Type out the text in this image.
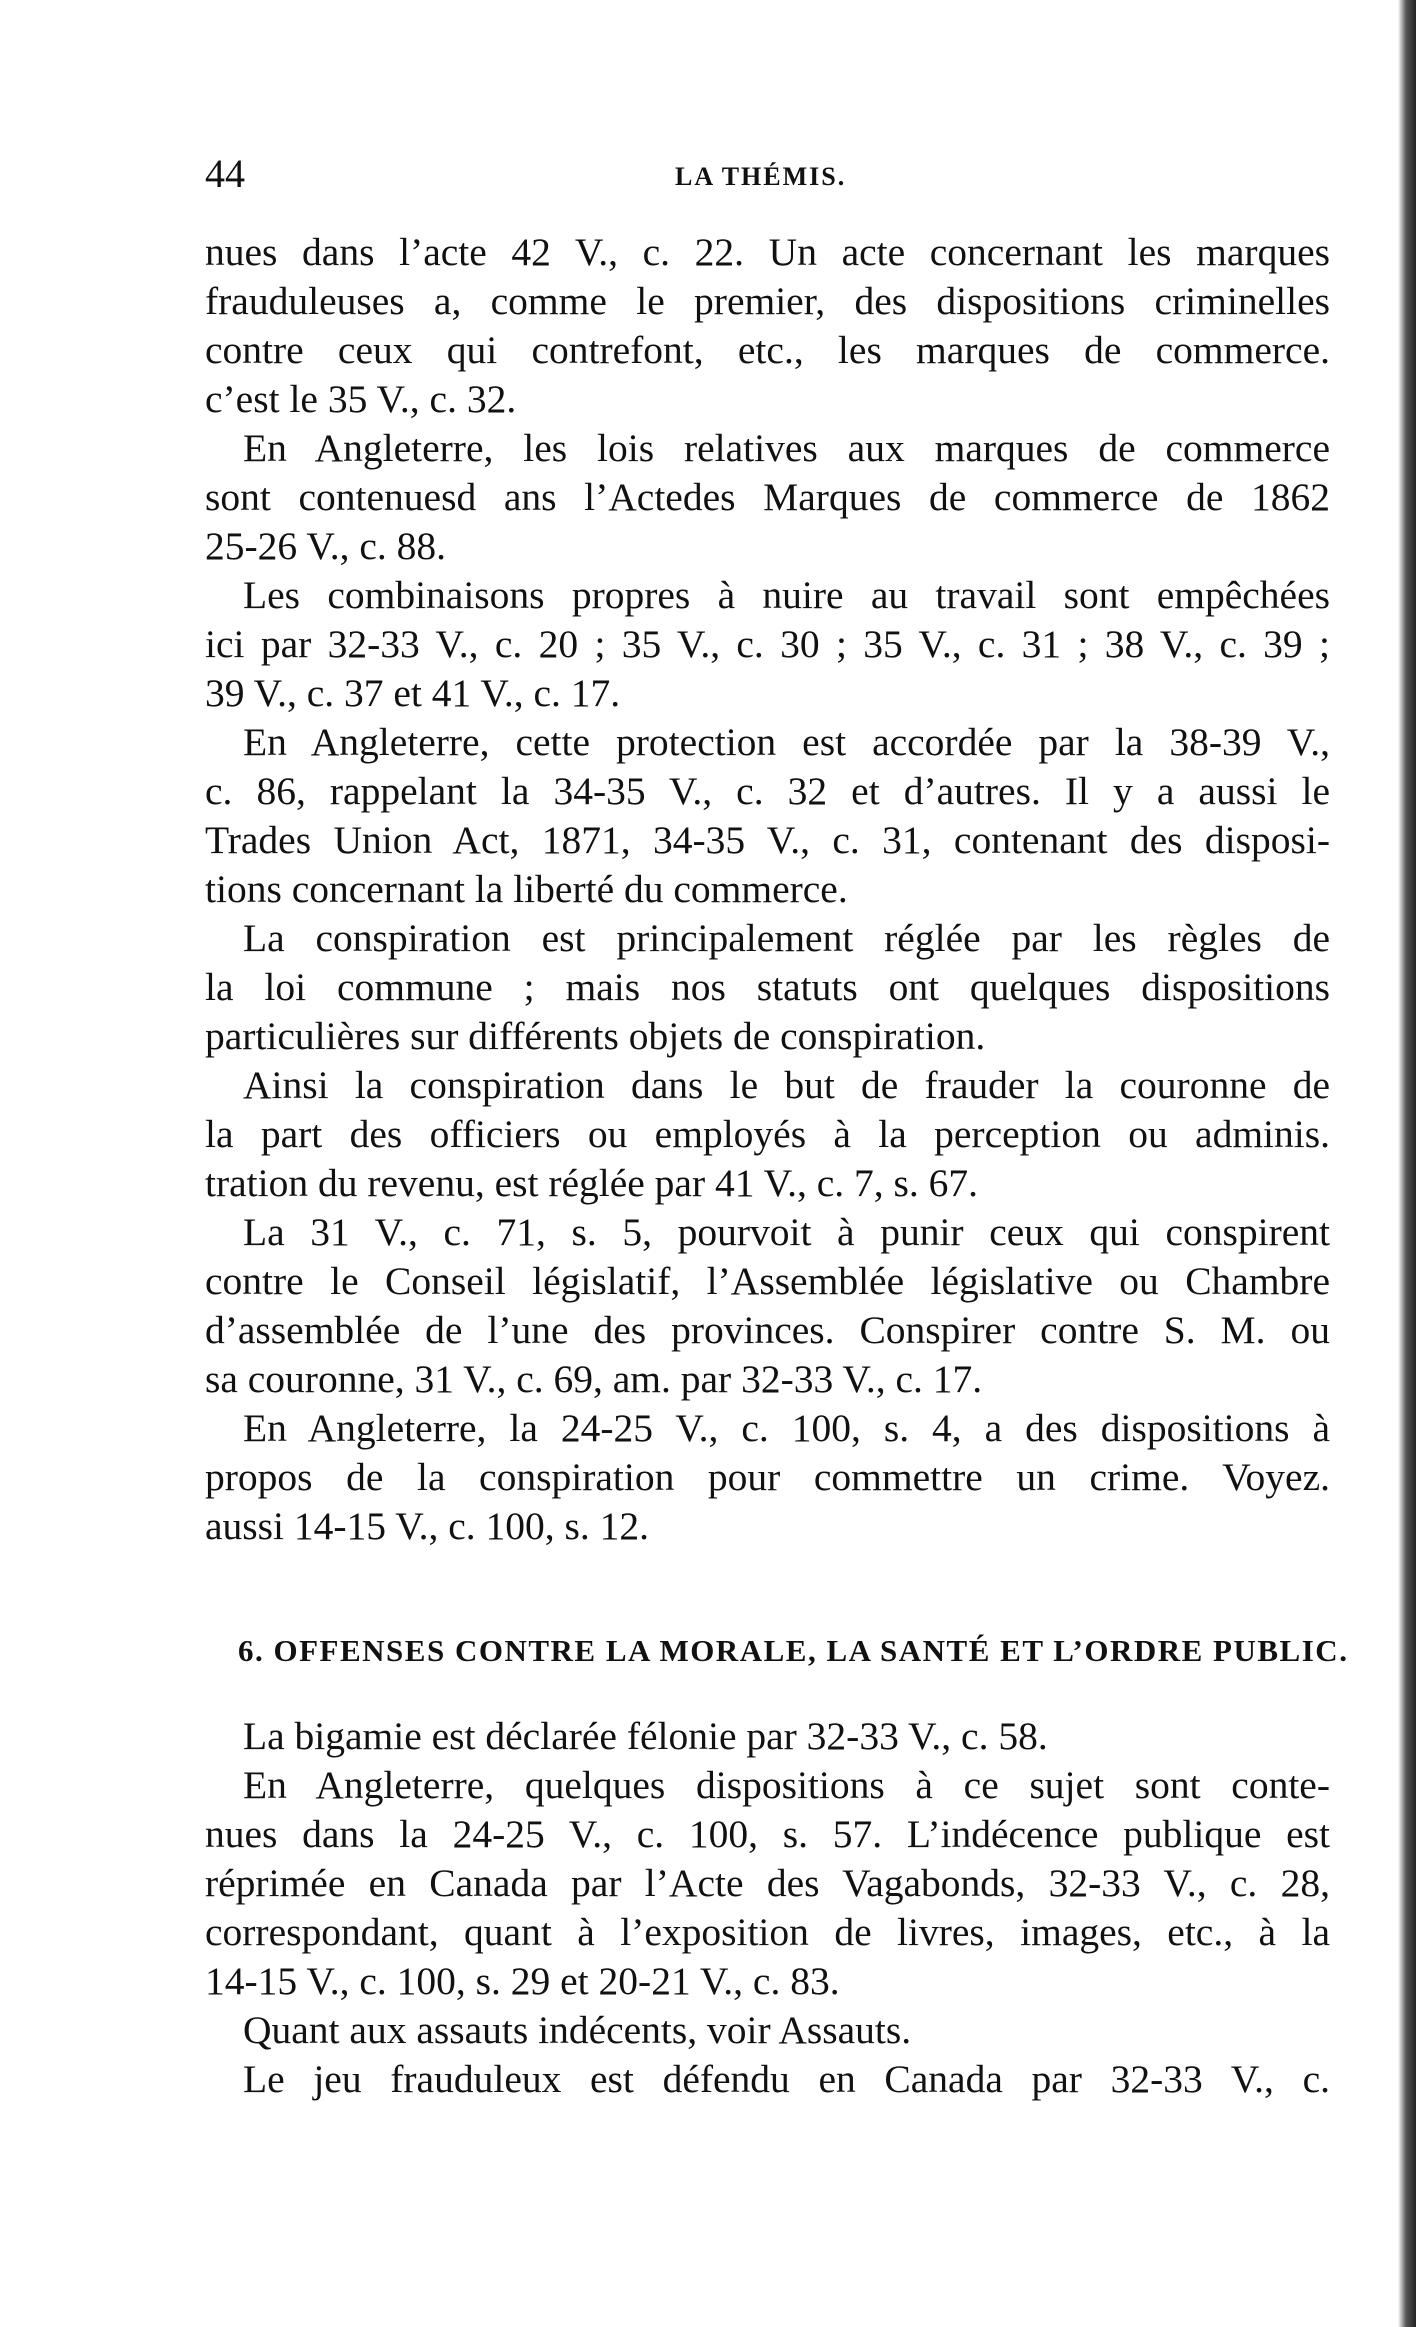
44	LA THÉMIS.
nues dans l’acte 42 V., c. 22. Un acte concernant les marques
frauduleuses a, comme le premier, des dispositions criminelles
contre ceux qui contrefont, etc., les marques de commerce.
c’est le 35 V., c. 32.
En Angleterre, les lois relatives aux marques de commerce
sont contenuesd ans l’Actedes Marques de commerce de 1862
25-26 V., c. 88.
Les combinaisons propres à nuire au travail sont empêchées
ici par 32-33 V., c. 20 ; 35 V., c. 30 ; 35 V., c. 31 ; 38 V., c. 39 ;
39 V., c. 37 et 41 V., c. 17.
En Angleterre, cette protection est accordée par la 38-39 V.,
c. 86, rappelant la 34-35 V., c. 32 et d’autres. Il y a aussi le
Trades Union Act, 1871, 34-35 V., c. 31, contenant des disposi-
tions concernant la liberté du commerce.
La conspiration est principalement réglée par les règles de
la loi commune ; mais nos statuts ont quelques dispositions
particulières sur différents objets de conspiration.
Ainsi la conspiration dans le but de frauder la couronne de
la part des officiers ou employés à la perception ou adminis.
tration du revenu, est réglée par 41 V., c. 7, s. 67.
La 31 V., c. 71, s. 5, pourvoit à punir ceux qui conspirent
contre le Conseil législatif, l’Assemblée législative ou Chambre
d’assemblée de l’une des provinces. Conspirer contre S. M. ou
sa couronne, 31 V., c. 69, am. par 32-33 V., c. 17.
En Angleterre, la 24-25 V., c. 100, s. 4, a des dispositions à
propos de la conspiration pour commettre un crime. Voyez.
aussi 14-15 V., c. 100, s. 12.
6. OFFENSES CONTRE LA MORALE, LA SANTÉ ET L’ORDRE PUBLIC.
La bigamie est déclarée félonie par 32-33 V., c. 58.
En Angleterre, quelques dispositions à ce sujet sont conte-
nues dans la 24-25 V., c. 100, s. 57. L’indécence publique est
réprimée en Canada par l’Acte des Vagabonds, 32-33 V., c. 28,
correspondant, quant à l’exposition de livres, images, etc., à la
14-15 V., c. 100, s. 29 et 20-21 V., c. 83.
Quant aux assauts indécents, voir Assauts.
Le jeu frauduleux est défendu en Canada par 32-33 V., c.
